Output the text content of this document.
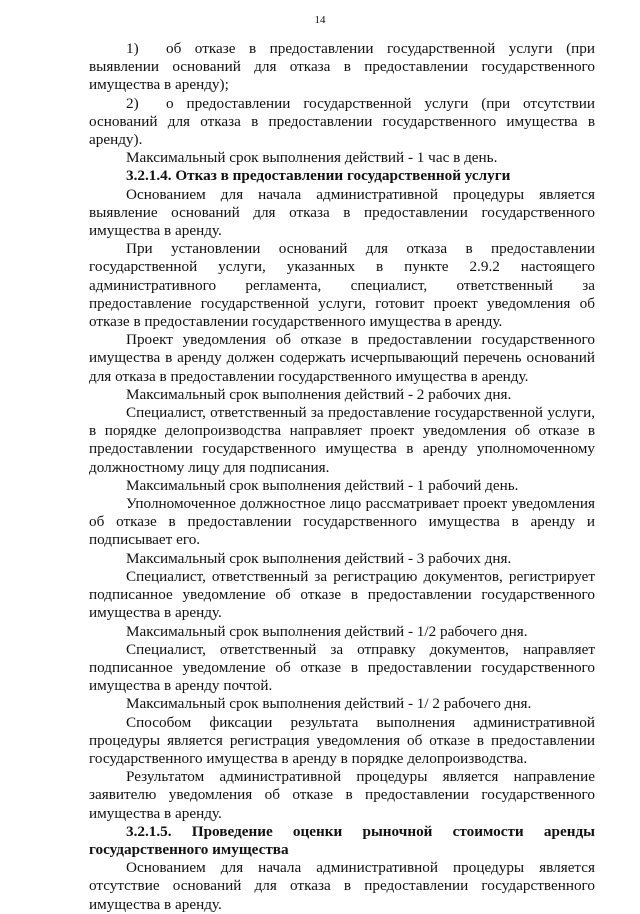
14

1) об отказе в предоставлении государственной услуги (при выявлении оснований для отказа в предоставлении государственного имущества в аренду);

2) о предоставлении государственной услуги (при отсутствии оснований для отказа в предоставлении государственного имущества в аренду).

Максимальный срок выполнения действий - 1 час в день.

3.2.1.4. Отказ в предоставлении государственной услуги

Основанием для начала административной процедуры является выявление оснований для отказа в предоставлении государственного имущества в аренду.

При установлении оснований для отказа в предоставлении государственной услуги, указанных в пункте 2.9.2 настоящего административного регламента, специалист, ответственный за предоставление государственной услуги, готовит проект уведомления об отказе в предоставлении государственного имущества в аренду.

Проект уведомления об отказе в предоставлении государственного имущества в аренду должен содержать исчерпывающий перечень оснований для отказа в предоставлении государственного имущества в аренду.

Максимальный срок выполнения действий - 2 рабочих дня.

Специалист, ответственный за предоставление государственной услуги, в порядке делопроизводства направляет проект уведомления об отказе в предоставлении государственного имущества в аренду уполномоченному должностному лицу для подписания.

Максимальный срок выполнения действий - 1 рабочий день.

Уполномоченное должностное лицо рассматривает проект уведомления об отказе в предоставлении государственного имущества в аренду и подписывает его.

Максимальный срок выполнения действий - 3 рабочих дня.

Специалист, ответственный за регистрацию документов, регистрирует подписанное уведомление об отказе в предоставлении государственного имущества в аренду.

Максимальный срок выполнения действий - 1/2 рабочего дня.

Специалист, ответственный за отправку документов, направляет подписанное уведомление об отказе в предоставлении государственного имущества в аренду почтой.

Максимальный срок выполнения действий - 1/ 2 рабочего дня.

Способом фиксации результата выполнения административной процедуры является регистрация уведомления об отказе в предоставлении государственного имущества в аренду в порядке делопроизводства.

Результатом административной процедуры является направление заявителю уведомления об отказе в предоставлении государственного имущества в аренду.

3.2.1.5. Проведение оценки рыночной стоимости аренды государственного имущества

Основанием для начала административной процедуры является отсутствие оснований для отказа в предоставлении государственного имущества в аренду.
